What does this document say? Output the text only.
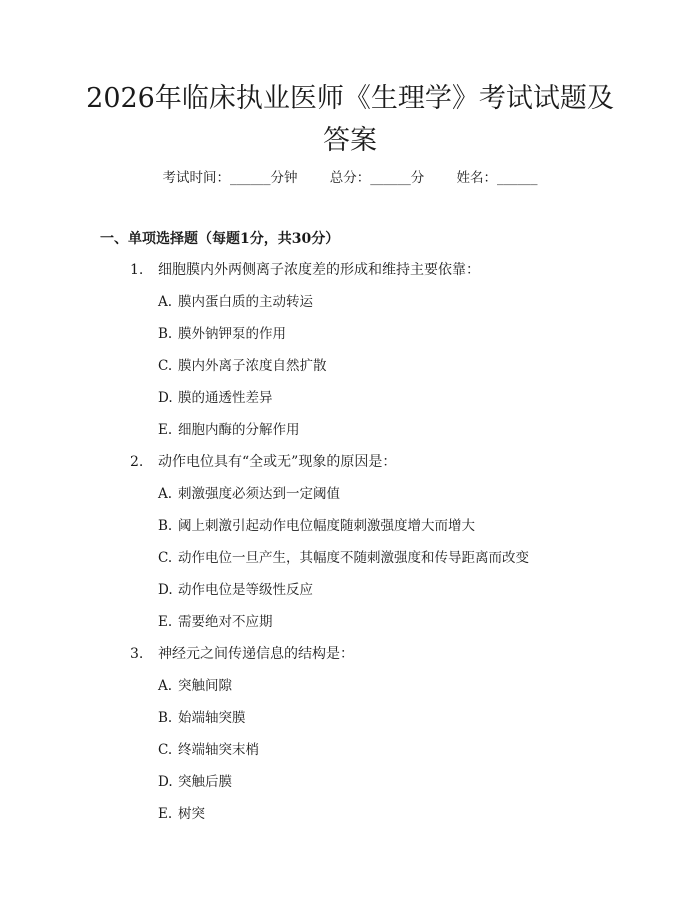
2026年临床执业医师《生理学》考试试题及答案
考试时间：______分钟 总分：______分 姓名：______
一、单项选择题（每题1分，共30分）
1. 细胞膜内外两侧离子浓度差的形成和维持主要依靠：
A. 膜内蛋白质的主动转运
B. 膜外钠钾泵的作用
C. 膜内外离子浓度自然扩散
D. 膜的通透性差异
E. 细胞内酶的分解作用
2. 动作电位具有“全或无”现象的原因是：
A. 刺激强度必须达到一定阈值
B. 阈上刺激引起动作电位幅度随刺激强度增大而增大
C. 动作电位一旦产生，其幅度不随刺激强度和传导距离而改变
D. 动作电位是等级性反应
E. 需要绝对不应期
3. 神经元之间传递信息的结构是：
A. 突触间隙
B. 始端轴突膜
C. 终端轴突末梢
D. 突触后膜
E. 树突
